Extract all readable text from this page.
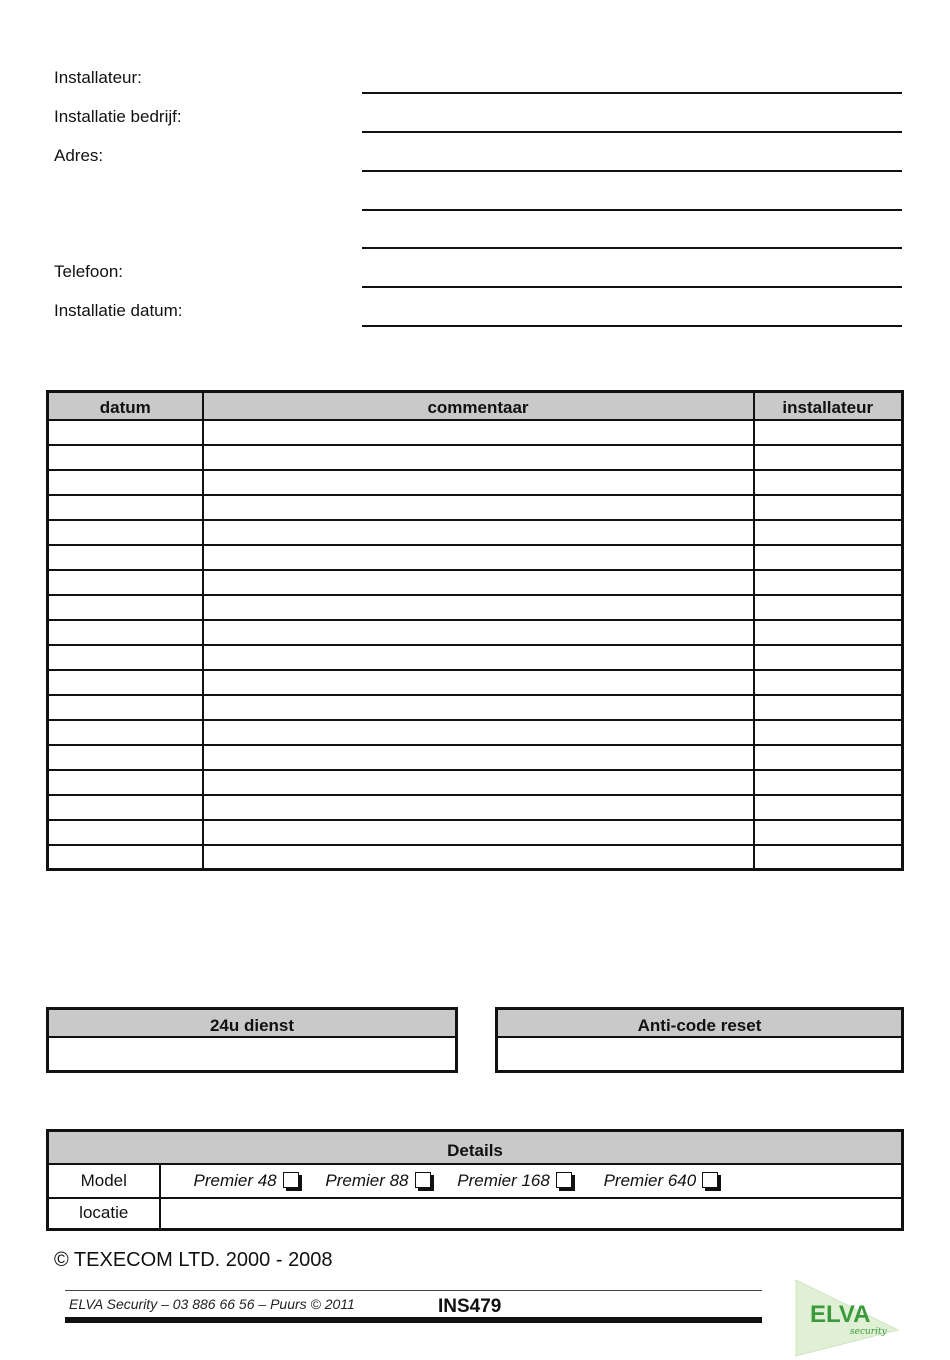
Installateur:
Installatie bedrijf:
Adres:
Telefoon:
Installatie datum:
datum	commentaar	installateur

24u dienst	Anti-code reset
Details	
Model	Premier 48 Premier 88 Premier 168 Premier 640
locatie	
© TEXECOM LTD. 2000 - 2008
ELVA Security – 03 886 66 56 – Puurs © 2011	INS479	ELVA
security
